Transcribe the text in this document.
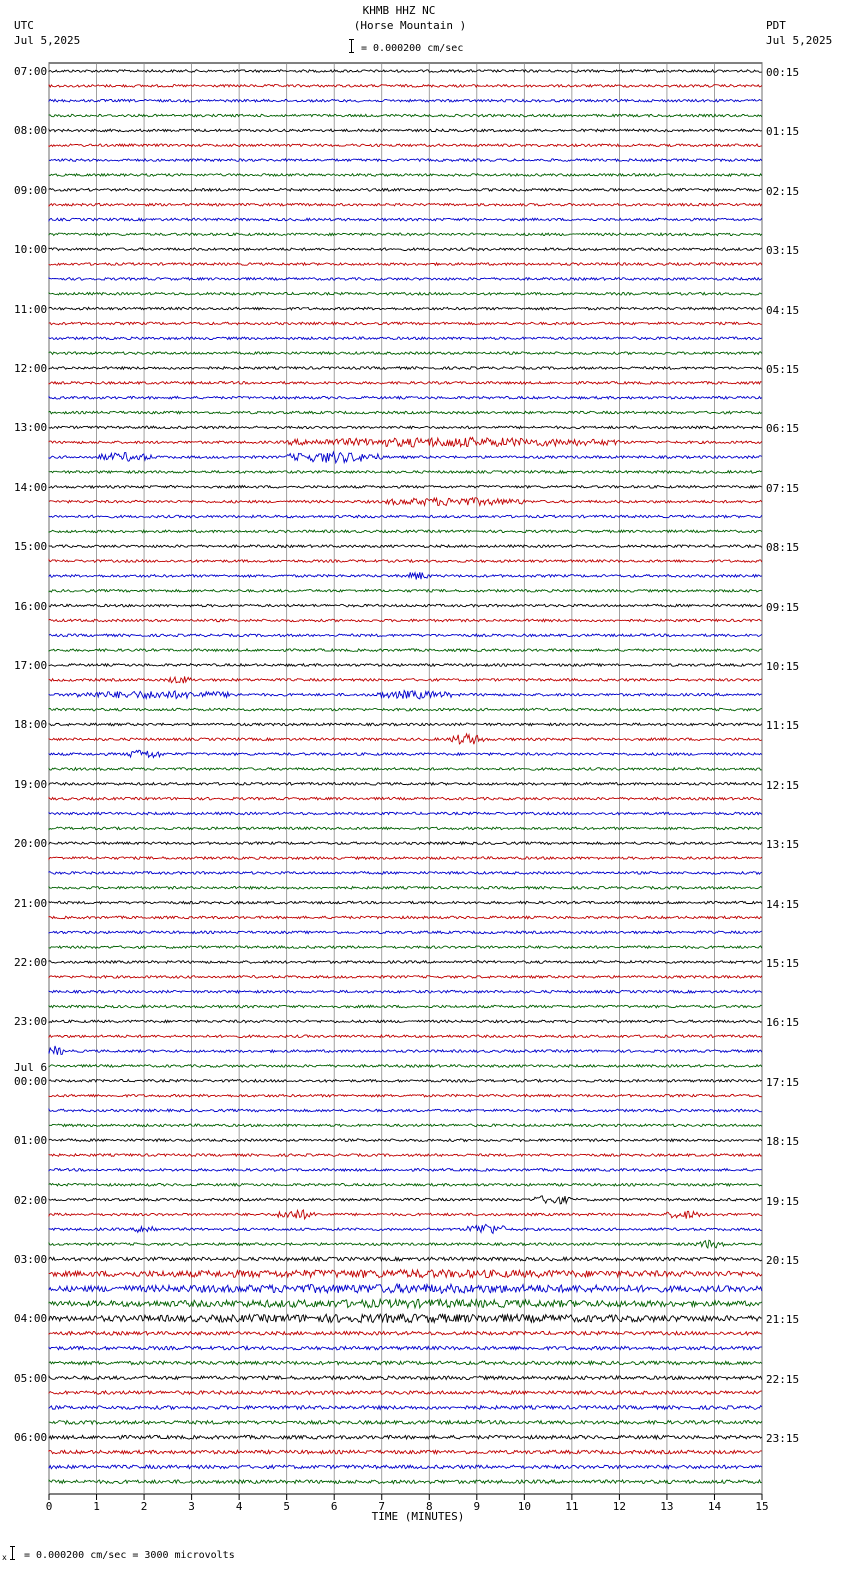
KHMB HHZ NC
(Horse Mountain )
= 0.000200 cm/sec
UTC
Jul 5,2025
PDT
Jul 5,2025
0	1	2	3	4	5	6	7	8	9	10	11	12	13	14	15
TIME (MINUTES)
07:00
08:00
09:00
10:00
11:00
12:00
13:00
14:00
15:00
16:00
17:00
18:00
19:00
20:00
21:00
22:00
23:00
00:00
Jul 6
01:00
02:00
03:00
04:00
05:00
06:00
00:15
01:15
02:15
03:15
04:15
05:15
06:15
07:15
08:15
09:15
10:15
11:15
12:15
13:15
14:15
15:15
16:15
17:15
18:15
19:15
20:15
21:15
22:15
23:15
x = 0.000200 cm/sec = 3000 microvolts
